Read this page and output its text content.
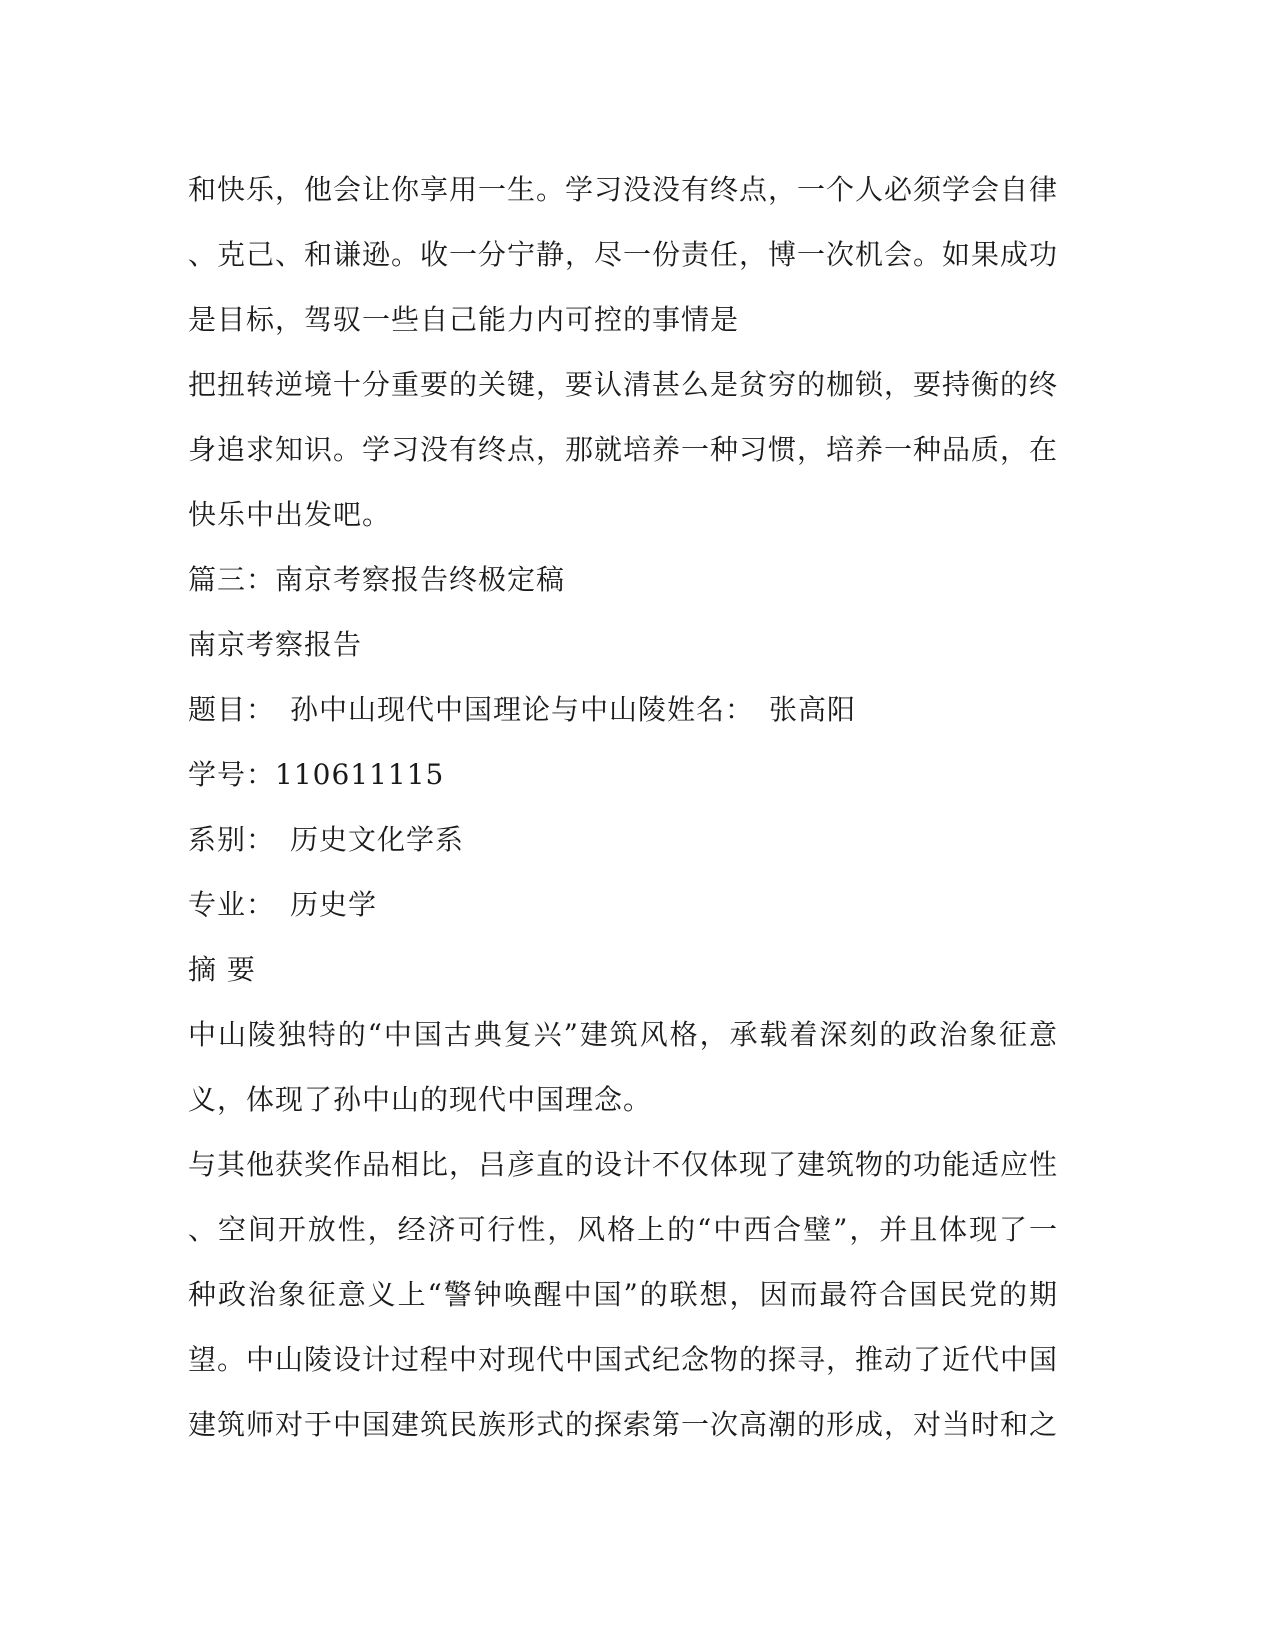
和快乐，他会让你享用一生。学习没没有终点，一个人必须学会自律
、克己、和谦逊。收一分宁静，尽一份责任，博一次机会。如果成功
是目标，驾驭一些自己能力内可控的事情是
把扭转逆境十分重要的关键，要认清甚么是贫穷的枷锁，要持衡的终
身追求知识。学习没有终点，那就培养一种习惯，培养一种品质，在
快乐中出发吧。
篇三：南京考察报告终极定稿
南京考察报告
题目：　孙中山现代中国理论与中山陵姓名：　张高阳
学号：110611115
系别：　历史文化学系
专业：　历史学
摘 要
中山陵独特的“中国古典复兴”建筑风格，承载着深刻的政治象征意
义，体现了孙中山的现代中国理念。
与其他获奖作品相比，吕彦直的设计不仅体现了建筑物的功能适应性
、空间开放性，经济可行性，风格上的“中西合璧”，并且体现了一
种政治象征意义上“警钟唤醒中国”的联想，因而最符合国民党的期
望。中山陵设计过程中对现代中国式纪念物的探寻，推动了近代中国
建筑师对于中国建筑民族形式的探索第一次高潮的形成，对当时和之
